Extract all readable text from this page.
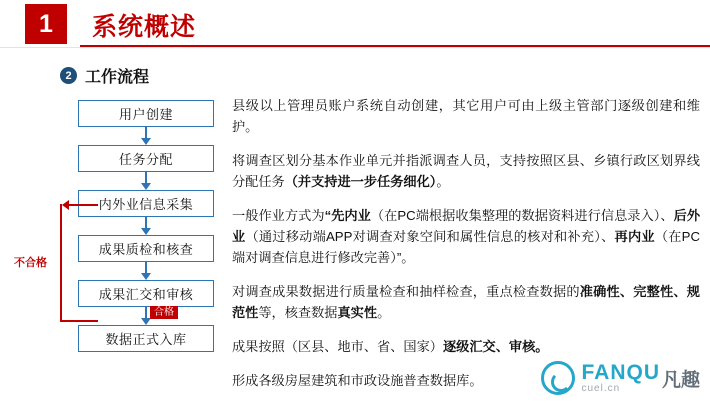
1	系统概述
2 工作流程
用户创建
任务分配
内外业信息采集
成果质检和核查
成果汇交和审核
合格
数据正式入库
不合格

县级以上管理员账户系统自动创建，其它用户可由上级主管部门逐级创建和维护。

将调查区划分基本作业单元并指派调查人员，支持按照区县、乡镇行政区划界线分配任务（并支持进一步任务细化）。

一般作业方式为“先内业（在PC端根据收集整理的数据资料进行信息录入）、后外业（通过移动端APP对调查对象空间和属性信息的核对和补充）、再内业（在PC端对调查信息进行修改完善）”。

对调查成果数据进行质量检查和抽样检查，重点检查数据的准确性、完整性、规范性等，核查数据真实性。

成果按照（区县、地市、省、国家）逐级汇交、审核。

形成各级房屋建筑和市政设施普查数据库。	FANQU
cuel.cn	凡趣
